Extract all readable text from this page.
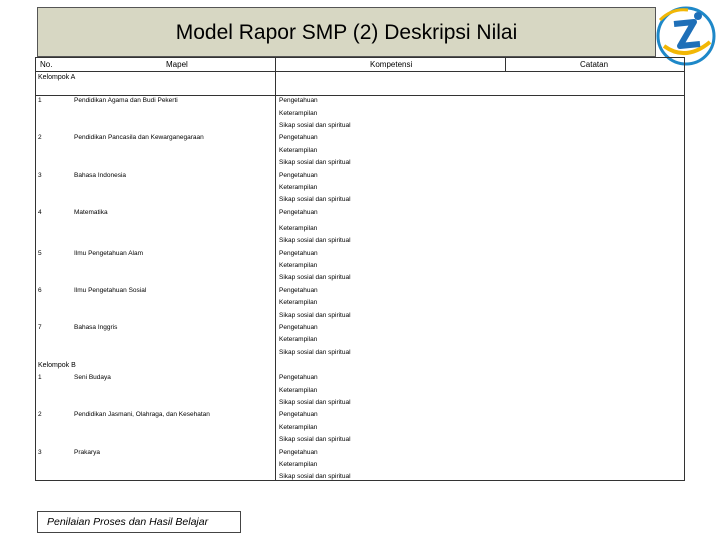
Model Rapor SMP (2) Deskripsi Nilai
No.	Mapel	Kompetensi	Catatan
Kelompok A
1	Pendidikan Agama dan Budi Pekerti	Pengetahuan
Keterampilan
Sikap sosial dan spiritual
2	Pendidikan Pancasila dan Kewarganegaraan	Pengetahuan
Keterampilan
Sikap sosial dan spiritual
3	Bahasa Indonesia	Pengetahuan
Keterampilan
Sikap sosial dan spiritual
4	Matematika	Pengetahuan
Keterampilan
Sikap sosial dan spiritual
5	Ilmu Pengetahuan Alam	Pengetahuan
Keterampilan
Sikap sosial dan spiritual
6	Ilmu Pengetahuan Sosial	Pengetahuan
Keterampilan
Sikap sosial dan spiritual
7	Bahasa Inggris	Pengetahuan
Keterampilan
Sikap sosial dan spiritual
Kelompok B
1	Seni Budaya	Pengetahuan
Keterampilan
Sikap sosial dan spiritual
2	Pendidikan Jasmani, Olahraga, dan Kesehatan	Pengetahuan
Keterampilan
Sikap sosial dan spiritual
3	Prakarya	Pengetahuan
Keterampilan
Sikap sosial dan spiritual
Penilaian Proses dan Hasil Belajar
